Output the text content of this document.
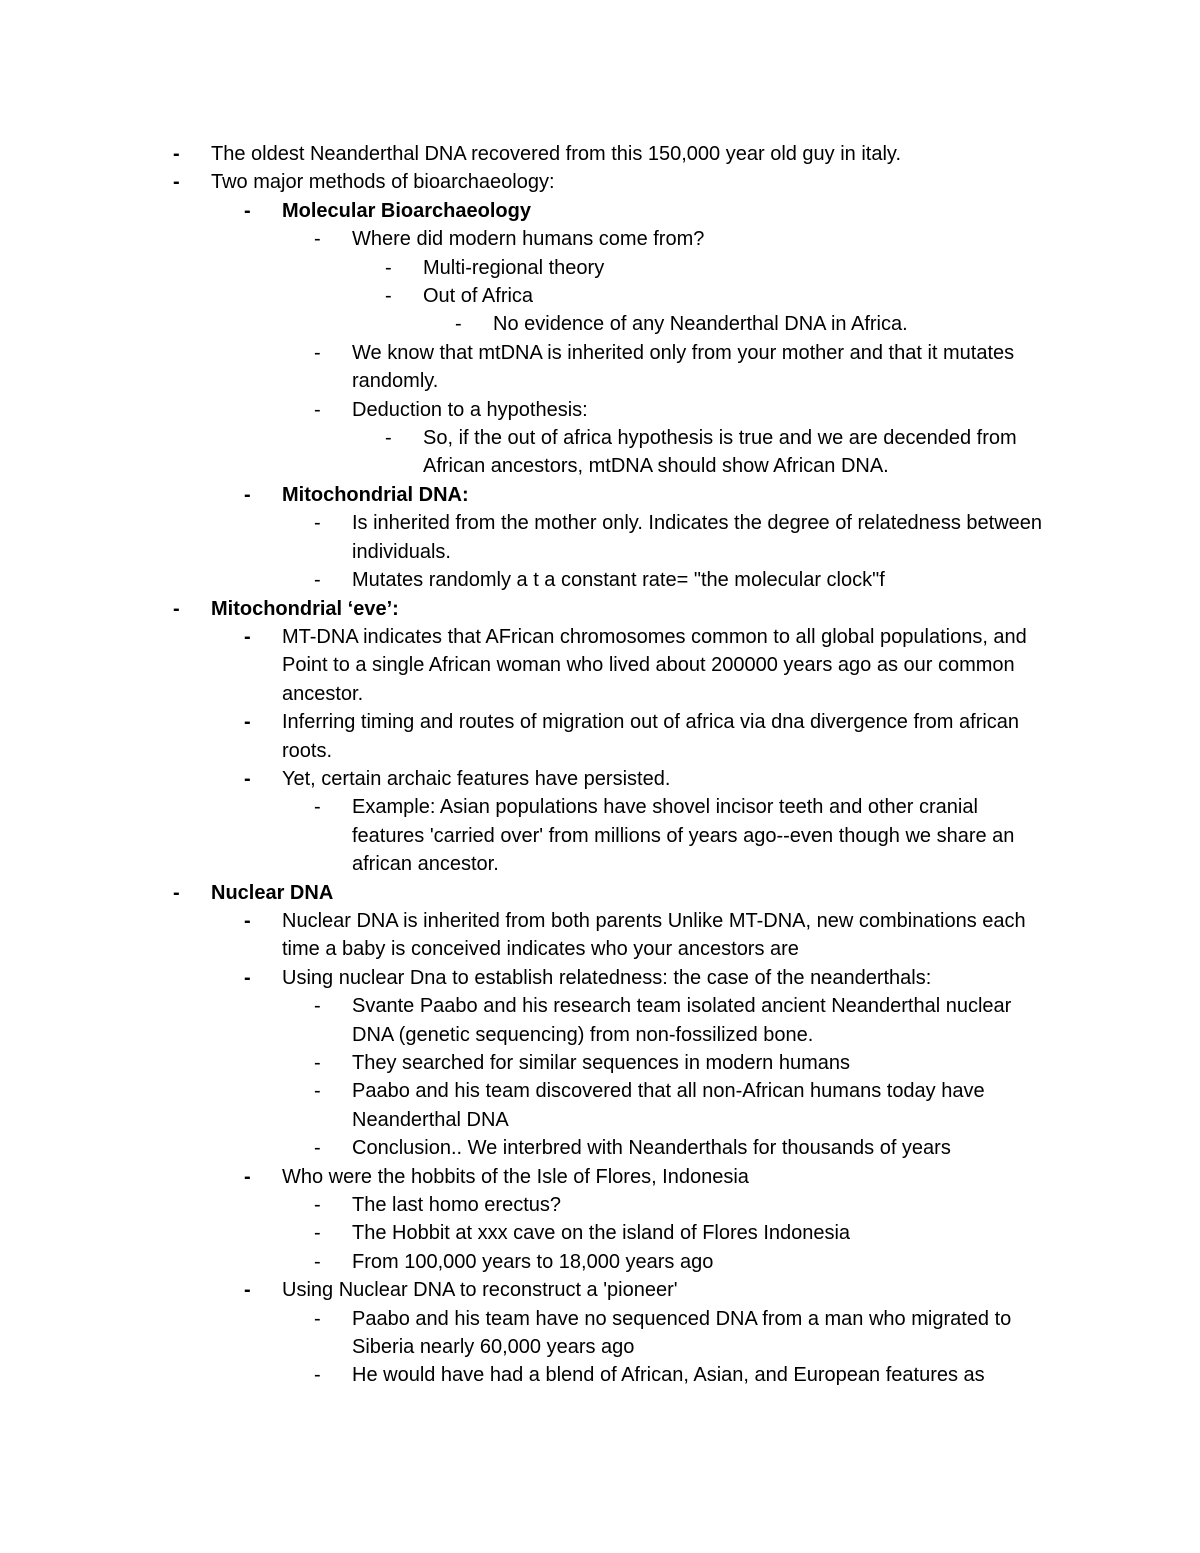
-	The oldest Neanderthal DNA recovered from this 150,000 year old guy in italy.
-	Two major methods of bioarchaeology:
-	Molecular Bioarchaeology
-	Where did modern humans come from?
-	Multi-regional theory
-	Out of Africa
-	No evidence of any Neanderthal DNA in Africa.
-	We know that mtDNA is inherited only from your mother and that it mutates randomly.
-	Deduction to a hypothesis:
-	So, if the out of africa hypothesis is true and we are decended from African ancestors, mtDNA should show African DNA.
-	Mitochondrial DNA:
-	Is inherited from the mother only. Indicates the degree of relatedness between individuals.
-	Mutates randomly a t a constant rate= "the molecular clock"f
-	Mitochondrial ‘eve’:
-	MT-DNA indicates that AFrican chromosomes common to all global populations, and Point to a single African woman who lived about 200000 years ago as our common ancestor.
-	Inferring timing and routes of migration out of africa via dna divergence from african roots.
-	Yet, certain archaic features have persisted.
-	Example: Asian populations have shovel incisor teeth and other cranial features 'carried over' from millions of years ago--even though we share an african ancestor.
-	Nuclear DNA
-	Nuclear DNA is inherited from both parents Unlike MT-DNA, new combinations each time a baby is conceived indicates who your ancestors are
-	Using nuclear Dna to establish relatedness: the case of the neanderthals:
-	Svante Paabo and his research team isolated ancient Neanderthal nuclear DNA (genetic sequencing) from non-fossilized bone.
-	They searched for similar sequences in modern humans
-	Paabo and his team discovered that all non-African humans today have Neanderthal DNA
-	Conclusion.. We interbred with Neanderthals for thousands of years
-	Who were the hobbits of the Isle of Flores, Indonesia
-	The last homo erectus?
-	The Hobbit at xxx cave on the island of Flores Indonesia
-	From 100,000 years to 18,000 years ago
-	Using Nuclear DNA to reconstruct a 'pioneer'
-	Paabo and his team have no sequenced DNA from a man who migrated to Siberia nearly 60,000 years ago
-	He would have had a blend of African, Asian, and European features as
